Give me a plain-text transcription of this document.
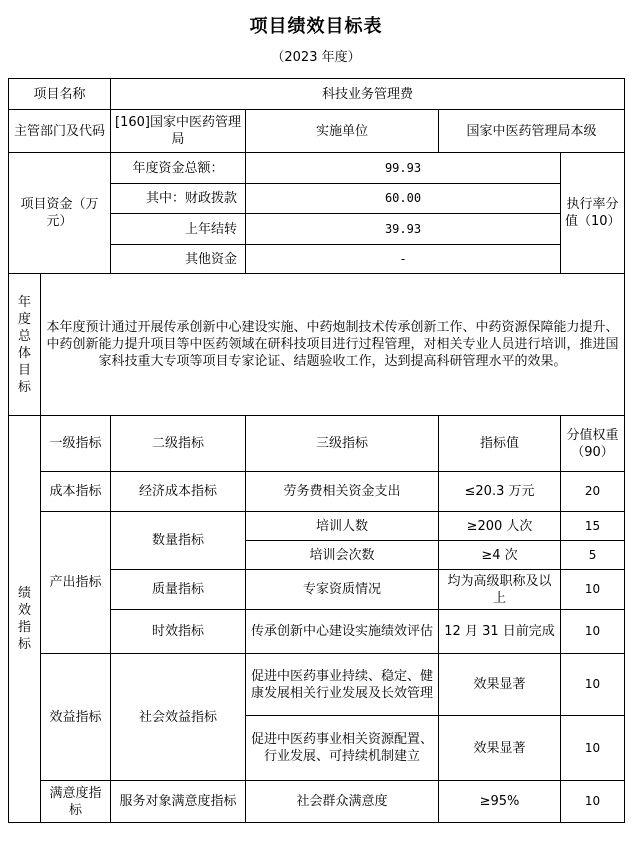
项目绩效目标表
（2023 年度）
项目名称		科技业务管理费			
主管部门及代码		[160]国家中医药管理局	实施单位	国家中医药管理局本级	
项目资金（万元）		年度资金总额：	99.93		执行率分值（10）
		其中：财政拨款	60.00		
		上年结转	39.93		
		其他资金	-		
年度总体目标	本年度预计通过开展传承创新中心建设实施、中药炮制技术传承创新工作、中药资源保障能力提升、中药创新能力提升项目等中医药领域在研科技项目进行过程管理，对相关专业人员进行培训，推进国家科技重大专项等项目专家论证、结题验收工作，达到提高科研管理水平的效果。				
绩效指标	一级指标	二级指标	三级指标	指标值	分值权重（90）
	成本指标	经济成本指标	劳务费相关资金支出	≤20.3 万元	20
	产出指标	数量指标	培训人数	≥200 人次	15
			培训会次数	≥4 次	5
		质量指标	专家资质情况	均为高级职称及以上	10
		时效指标	传承创新中心建设实施绩效评估	12 月 31 日前完成	10
	效益指标	社会效益指标	促进中医药事业持续、稳定、健康发展相关行业发展及长效管理	效果显著	10
			促进中医药事业相关资源配置、行业发展、可持续机制建立	效果显著	10
	满意度指标	服务对象满意度指标	社会群众满意度	≥95%	10
